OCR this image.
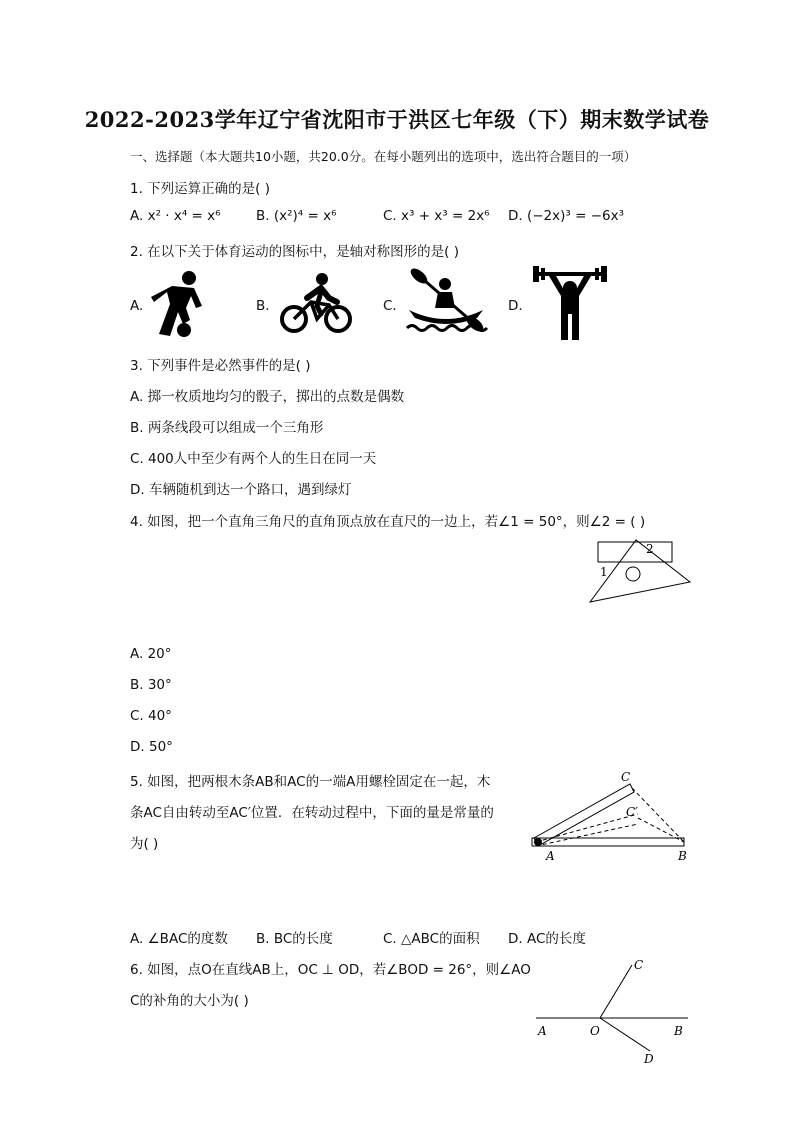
2022-2023学年辽宁省沈阳市于洪区七年级（下）期末数学试卷
一、选择题（本大题共10小题，共20.0分。在每小题列出的选项中，选出符合题目的一项）
1. 下列运算正确的是( )
A. x² · x⁴ = x⁶	B. (x²)⁴ = x⁶	C. x³ + x³ = 2x⁶ D. (−2x)³ = −6x³
2. 在以下关于体育运动的图标中，是轴对称图形的是( )
A.	B.	C.	D.
3. 下列事件是必然事件的是( )
A. 掷一枚质地均匀的骰子，掷出的点数是偶数
B. 两条线段可以组成一个三角形
C. 400人中至少有两个人的生日在同一天
D. 车辆随机到达一个路口，遇到绿灯
4. 如图，把一个直角三角尺的直角顶点放在直尺的一边上，若∠1 = 50°，则∠2 = ( )
1
2
A. 20°
B. 30°
C. 40°
D. 50°
5. 如图，把两根木条AB和AC的一端A用螺栓固定在一起，木
条AC自由转动至AC′位置．在转动过程中，下面的量是常量的
为( )
C
C′
A	B
A. ∠BAC的度数 B. BC的长度	C. △ABC的面积 D. AC的长度
6. 如图，点O在直线AB上，OC ⊥ OD，若∠BOD = 26°，则∠AO
C的补角的大小为( )
C
A	O	B
D
